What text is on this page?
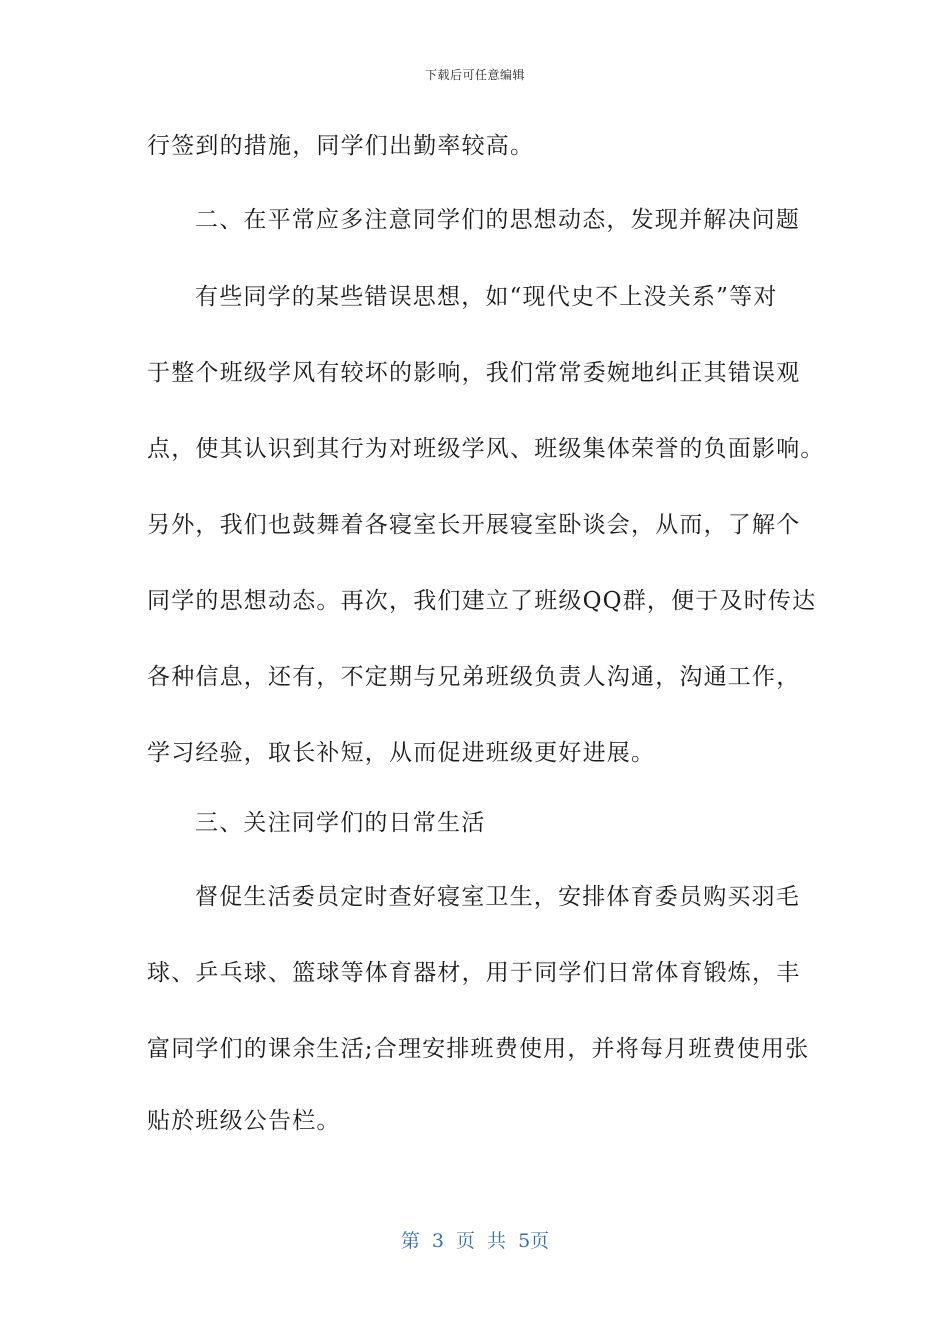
下载后可任意编辑
行签到的措施，同学们出勤率较高。
二、在平常应多注意同学们的思想动态，发现并解决问题
有些同学的某些错误思想，如“现代史不上没关系”等对
于整个班级学风有较坏的影响，我们常常委婉地纠正其错误观
点，使其认识到其行为对班级学风、班级集体荣誉的负面影响。
另外，我们也鼓舞着各寝室长开展寝室卧谈会，从而，了解个
同学的思想动态。再次，我们建立了班级QQ群，便于及时传达
各种信息，还有，不定期与兄弟班级负责人沟通，沟通工作，
学习经验，取长补短，从而促进班级更好进展。
三、关注同学们的日常生活
督促生活委员定时查好寝室卫生，安排体育委员购买羽毛
球、乒乓球、篮球等体育器材，用于同学们日常体育锻炼，丰
富同学们的课余生活;合理安排班费使用，并将每月班费使用张
贴於班级公告栏。
第 3 页 共 5页
